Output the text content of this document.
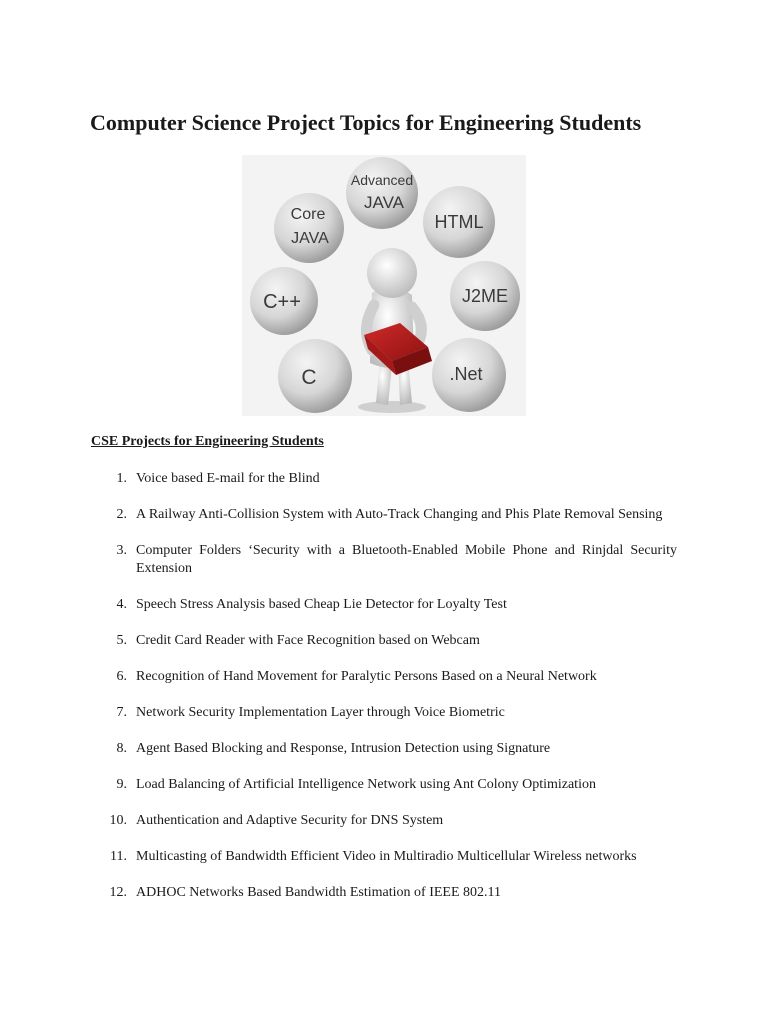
Computer Science Project Topics for Engineering Students
Advanced
JAVA
Core
JAVA
HTML
J2ME
C++
C	.Net
CSE Projects for Engineering Students
1. Voice based E-mail for the Blind
2. A Railway Anti-Collision System with Auto-Track Changing and Phis Plate Removal Sensing
3. Computer Folders ‘Security with a Bluetooth-Enabled Mobile Phone and Rinjdal Security Extension
4. Speech Stress Analysis based Cheap Lie Detector for Loyalty Test
5. Credit Card Reader with Face Recognition based on Webcam
6. Recognition of Hand Movement for Paralytic Persons Based on a Neural Network
7. Network Security Implementation Layer through Voice Biometric
8. Agent Based Blocking and Response, Intrusion Detection using Signature
9. Load Balancing of Artificial Intelligence Network using Ant Colony Optimization
10. Authentication and Adaptive Security for DNS System
11. Multicasting of Bandwidth Efficient Video in Multiradio Multicellular Wireless networks
12. ADHOC Networks Based Bandwidth Estimation of IEEE 802.11
